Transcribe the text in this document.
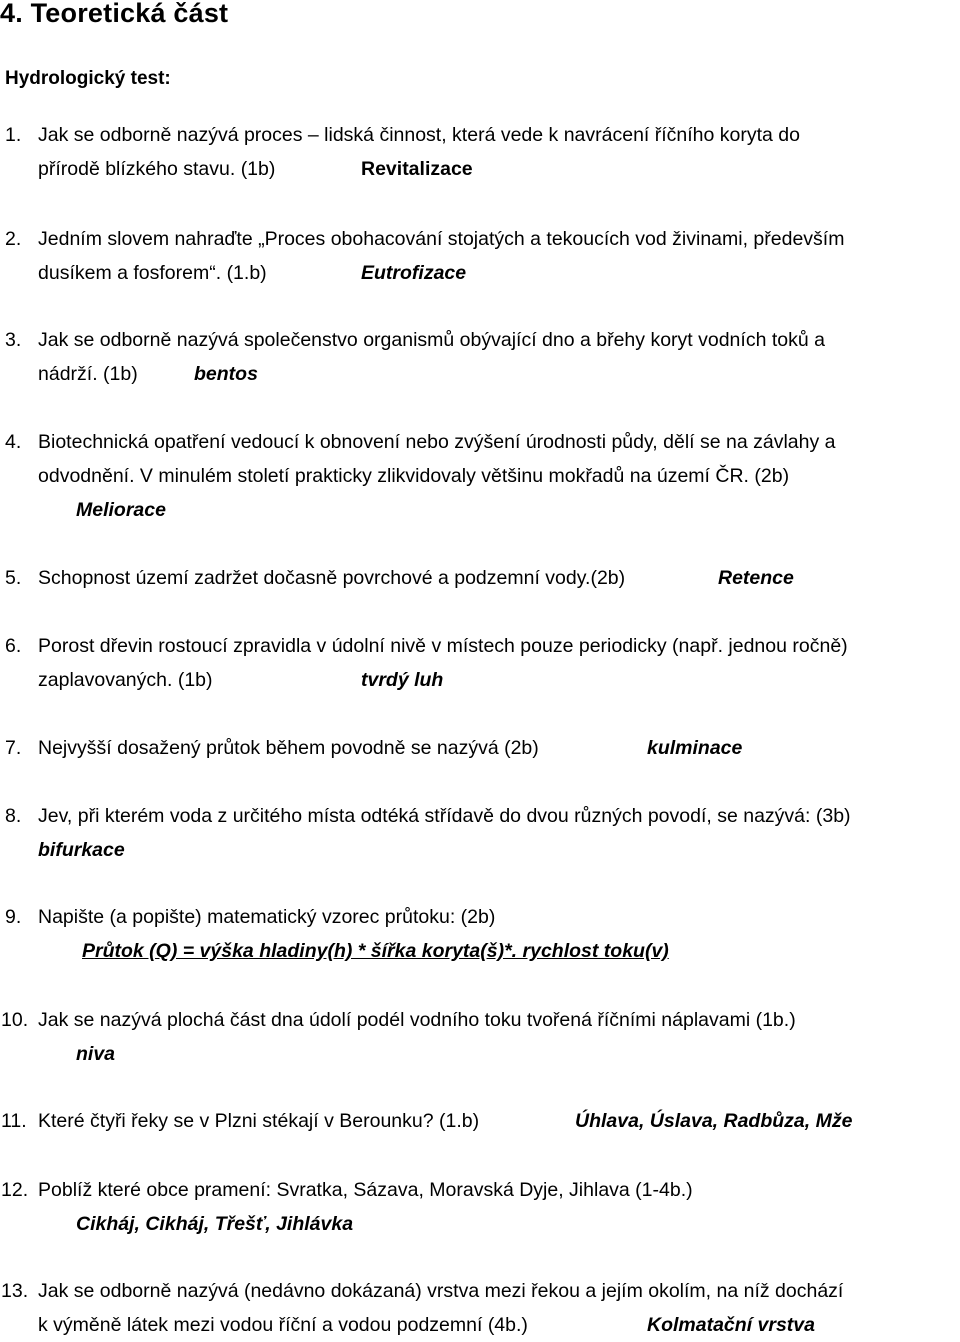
4. Teoretická část
Hydrologický test:
1. Jak se odborně nazývá proces – lidská činnost, která vede k navrácení říčního koryta do
přírodě blízkého stavu. (1b)	Revitalizace
2. Jedním slovem nahraďte „Proces obohacování stojatých a tekoucích vod živinami, především
dusíkem a fosforem“. (1.b)	Eutrofizace
3. Jak se odborně nazývá společenstvo organismů obývající dno a břehy koryt vodních toků a
nádrží. (1b)	bentos
4. Biotechnická opatření vedoucí k obnovení nebo zvýšení úrodnosti půdy, dělí se na závlahy a
odvodnění. V minulém století prakticky zlikvidovaly většinu mokřadů na území ČR. (2b)
Meliorace
5. Schopnost území zadržet dočasně povrchové a podzemní vody.(2b)	Retence
6. Porost dřevin rostoucí zpravidla v údolní nivě v místech pouze periodicky (např. jednou ročně)
zaplavovaných. (1b)	tvrdý luh
7. Nejvyšší dosažený průtok během povodně se nazývá (2b)	kulminace
8. Jev, při kterém voda z určitého místa odtéká střídavě do dvou různých povodí, se nazývá: (3b)
bifurkace
9. Napište (a popište) matematický vzorec průtoku: (2b)
Průtok (Q) = výška hladiny(h) * šířka koryta(š)*. rychlost toku(v)
10. Jak se nazývá plochá část dna údolí podél vodního toku tvořená říčními náplavami (1b.)
niva
11. Které čtyři řeky se v Plzni stékají v Berounku? (1.b)	Úhlava, Úslava, Radbůza, Mže
12. Poblíž které obce pramení: Svratka, Sázava, Moravská Dyje, Jihlava (1-4b.)
Cikháj, Cikháj, Třešť, Jihlávka
13. Jak se odborně nazývá (nedávno dokázaná) vrstva mezi řekou a jejím okolím, na níž dochází
k výměně látek mezi vodou říční a vodou podzemní (4b.)	Kolmatační vrstva
